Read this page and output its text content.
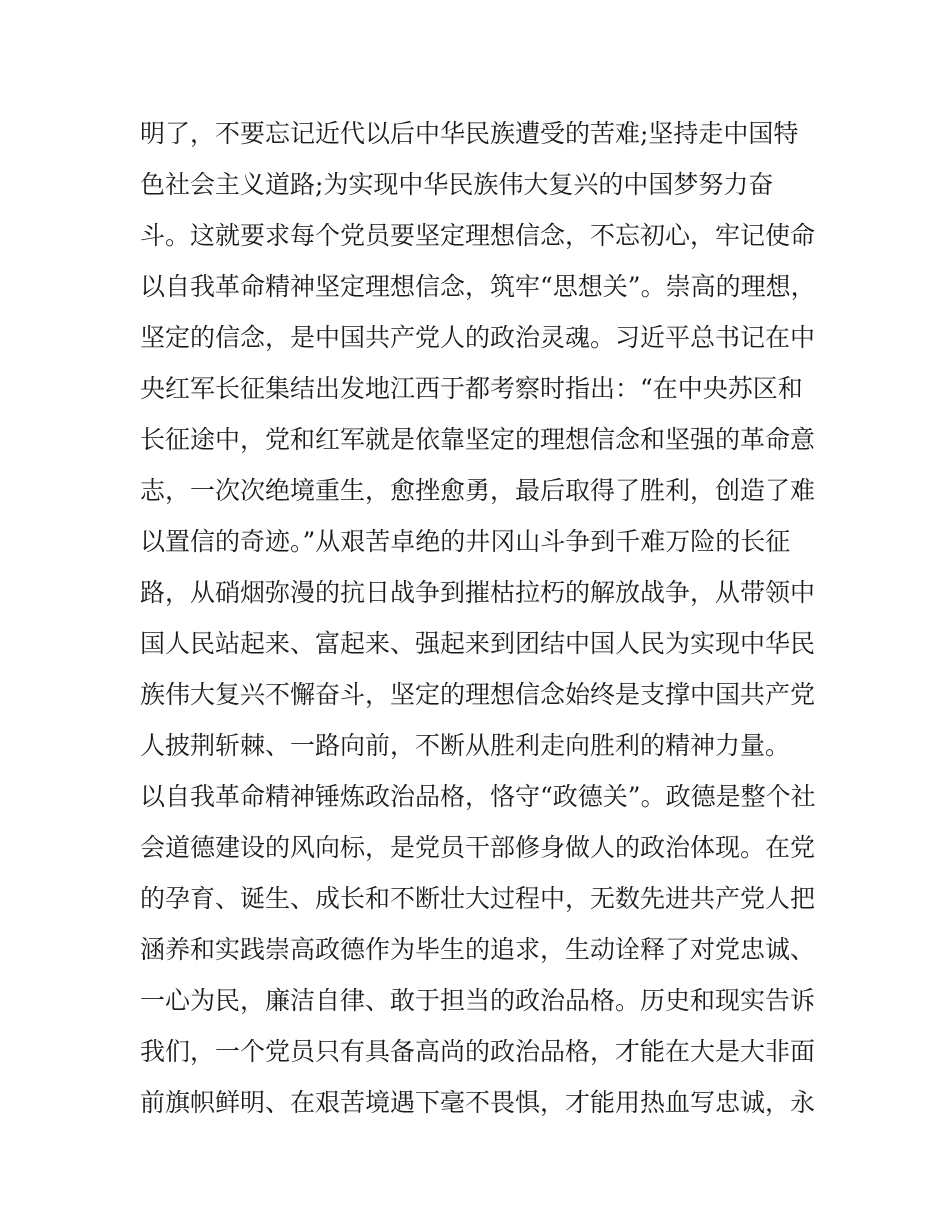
明了，不要忘记近代以后中华民族遭受的苦难;坚持走中国特
色社会主义道路;为实现中华民族伟大复兴的中国梦努力奋
斗。这就要求每个党员要坚定理想信念，不忘初心，牢记使命
以自我革命精神坚定理想信念，筑牢“思想关”。崇高的理想，
坚定的信念，是中国共产党人的政治灵魂。习近平总书记在中
央红军长征集结出发地江西于都考察时指出：“在中央苏区和
长征途中，党和红军就是依靠坚定的理想信念和坚强的革命意
志，一次次绝境重生，愈挫愈勇，最后取得了胜利，创造了难
以置信的奇迹。”从艰苦卓绝的井冈山斗争到千难万险的长征
路，从硝烟弥漫的抗日战争到摧枯拉朽的解放战争，从带领中
国人民站起来、富起来、强起来到团结中国人民为实现中华民
族伟大复兴不懈奋斗，坚定的理想信念始终是支撑中国共产党
人披荆斩棘、一路向前，不断从胜利走向胜利的精神力量。
以自我革命精神锤炼政治品格，恪守“政德关”。政德是整个社
会道德建设的风向标，是党员干部修身做人的政治体现。在党
的孕育、诞生、成长和不断壮大过程中，无数先进共产党人把
涵养和实践崇高政德作为毕生的追求，生动诠释了对党忠诚、
一心为民，廉洁自律、敢于担当的政治品格。历史和现实告诉
我们，一个党员只有具备高尚的政治品格，才能在大是大非面
前旗帜鲜明、在艰苦境遇下毫不畏惧，才能用热血写忠诚，永
